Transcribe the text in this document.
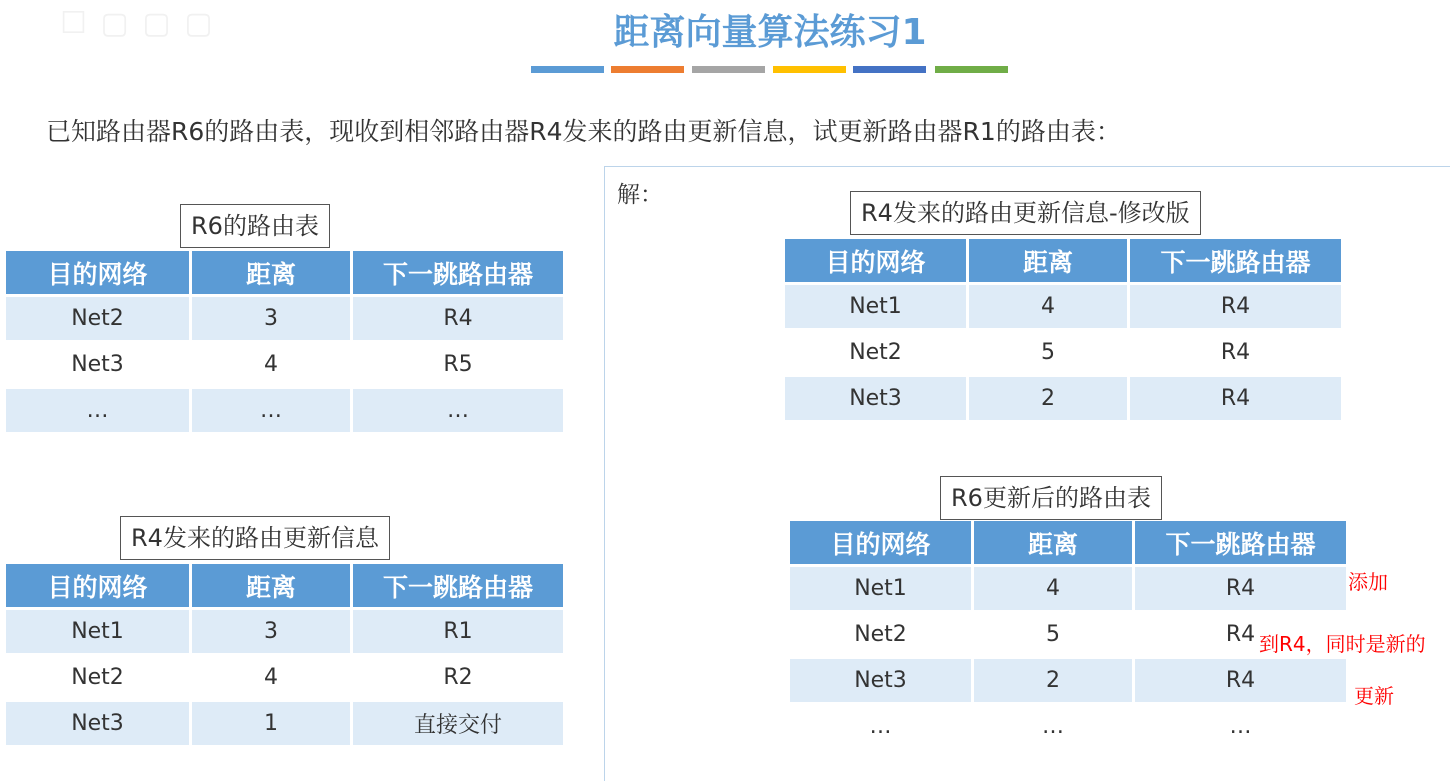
☐ ▢ ▢ ▢	距离向量算法练习1
已知路由器R6的路由表，现收到相邻路由器R4发来的路由更新信息，试更新路由器R1的路由表：
R6的路由表
目的网络	距离	下一跳路由器
Net2	3	R4
Net3	4	R5
…	…	…
R4发来的路由更新信息
目的网络	距离	下一跳路由器
Net1	3	R1
Net2	4	R2
Net3	1	直接交付
解：
R4发来的路由更新信息-修改版
目的网络	距离	下一跳路由器
Net1	4	R4
Net2	5	R4
Net3	2	R4
R6更新后的路由表
目的网络	距离	下一跳路由器
Net1	4	R4
Net2	5	R4
Net3	2	R4
…	…	…
添加
到R4，同时是新的
更新
